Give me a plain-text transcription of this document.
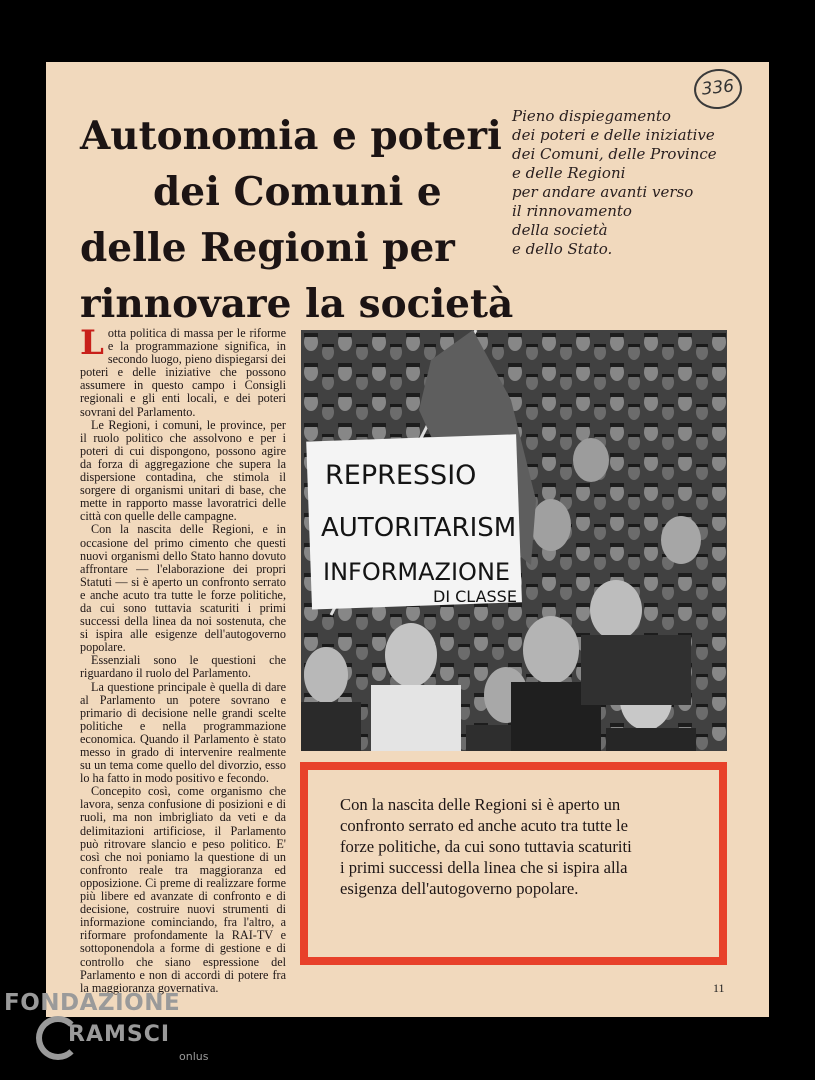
336
Autonomia e poteri
dei Comuni e
delle Regioni per
rinnovare la società
Pieno dispiegamento
dei poteri e delle iniziative
dei Comuni, delle Province
e delle Regioni
per andare avanti verso
il rinnovamento
della società
e dello Stato.

Lotta politica di massa per le riforme e la programmazione significa, in secondo luogo, pieno dispiegarsi dei poteri e delle iniziative che possono assumere in questo campo i Consigli regionali e gli enti locali, e dei poteri sovrani del Parlamento.

Le Regioni, i comuni, le province, per il ruolo politico che assolvono e per i poteri di cui dispongono, possono agire da forza di aggregazione che supera la dispersione contadina, che stimola il sorgere di organismi unitari di base, che mette in rapporto masse lavoratrici delle città con quelle delle campagne.

Con la nascita delle Regioni, e in occasione del primo cimento che questi nuovi organismi dello Stato hanno dovuto affrontare — l'elaborazione dei propri Statuti — si è aperto un confronto serrato e anche acuto tra tutte le forze politiche, da cui sono tuttavia scaturiti i primi successi della linea da noi sostenuta, che si ispira alle esigenze dell'autogoverno popolare.

Essenziali sono le questioni che riguardano il ruolo del Parlamento.

La questione principale è quella di dare al Parlamento un potere sovrano e primario di decisione nelle grandi scelte politiche e nella programmazione economica. Quando il Parlamento è stato messo in grado di intervenire realmente su un tema come quello del divorzio, esso lo ha fatto in modo positivo e fecondo.

Concepito così, come organismo che lavora, senza confusione di posizioni e di ruoli, ma non imbrigliato da veti e da delimitazioni artificiose, il Parlamento può ritrovare slancio e peso politico. E' così che noi poniamo la questione di un confronto reale tra maggioranza ed opposizione. Ci preme di realizzare forme più libere ed avanzate di confronto e di decisione, costruire nuovi strumenti di informazione cominciando, fra l'altro, a riformare profondamente la RAI-TV e sottoponendola a forme di gestione e di controllo che siano espressione del Parlamento e non di accordi di potere fra la maggioranza governativa.

REPRESSIO
AUTORITARISM
INFORMAZIONE
DI CLASSE
Con la nascita delle Regioni si è aperto un
confronto serrato ed anche acuto tra tutte le
forze politiche, da cui sono tuttavia scaturiti
i primi successi della linea che si ispira alla
esigenza dell'autogoverno popolare.
11
FONDAZIONE
RAMSCI
onlus
